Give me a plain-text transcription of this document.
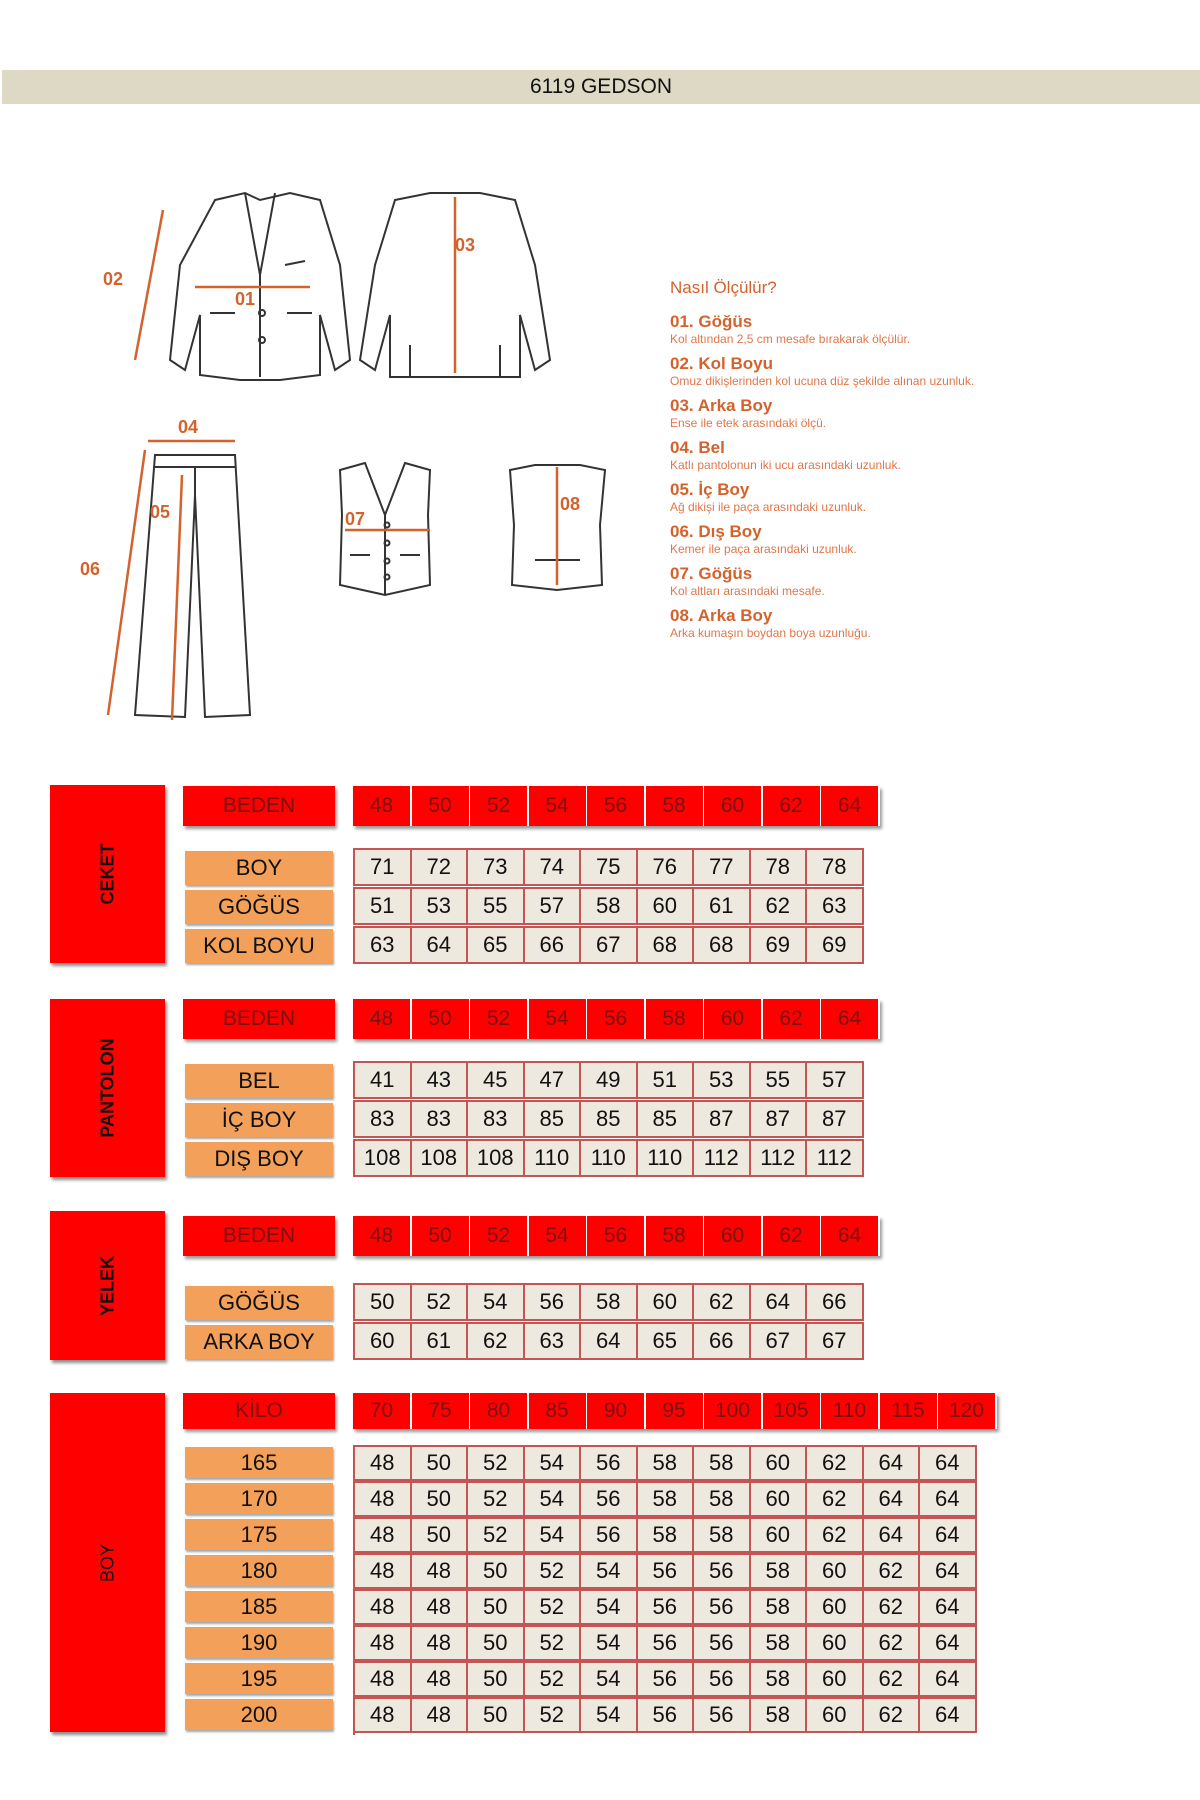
6119 GEDSON
02
01
03
04
05
06
07
08
Nasıl Ölçülür?
01. Göğüs
Kol altından 2,5 cm mesafe bırakarak ölçülür.
02. Kol Boyu
Omuz dikişlerinden kol ucuna düz şekilde alınan uzunluk.
03. Arka Boy
Ense ile etek arasındaki ölçü.
04. Bel
Katlı pantolonun iki ucu arasındaki uzunluk.
05. İç Boy
Ağ dikişi ile paça arasındaki uzunluk.
06. Dış Boy
Kemer ile paça arasındaki uzunluk.
07. Göğüs
Kol altları arasındaki mesafe.
08. Arka Boy
Arka kumaşın boydan boya uzunluğu.
CEKET
BEDEN	48	50	52	54	56	58	60	62	64
BOY	71	72	73	74	75	76	77	78	78
GÖĞÜS	51	53	55	57	58	60	61	62	63
KOL BOYU	63	64	65	66	67	68	68	69	69
PANTOLON
BEDEN	48	50	52	54	56	58	60	62	64
BEL	41	43	45	47	49	51	53	55	57
İÇ BOY	83	83	83	85	85	85	87	87	87
DIŞ BOY	108 108 108 110 110 110 112 112 112
YELEK
BEDEN	48	50	52	54	56	58	60	62	64
GÖĞÜS	50	52	54	56	58	60	62	64	66
ARKA BOY	60	61	62	63	64	65	66	67	67
BOY
KİLO	70	75	80	85	90	95	100	105	110	115	120
165	48	50	52	54	56	58	58	60	62	64	64
170	48	50	52	54	56	58	58	60	62	64	64
175	48	50	52	54	56	58	58	60	62	64	64
180	48	48	50	52	54	56	56	58	60	62	64
185	48	48	50	52	54	56	56	58	60	62	64
190	48	48	50	52	54	56	56	58	60	62	64
195	48	48	50	52	54	56	56	58	60	62	64
200	48	48	50	52	54	56	56	58	60	62	64
